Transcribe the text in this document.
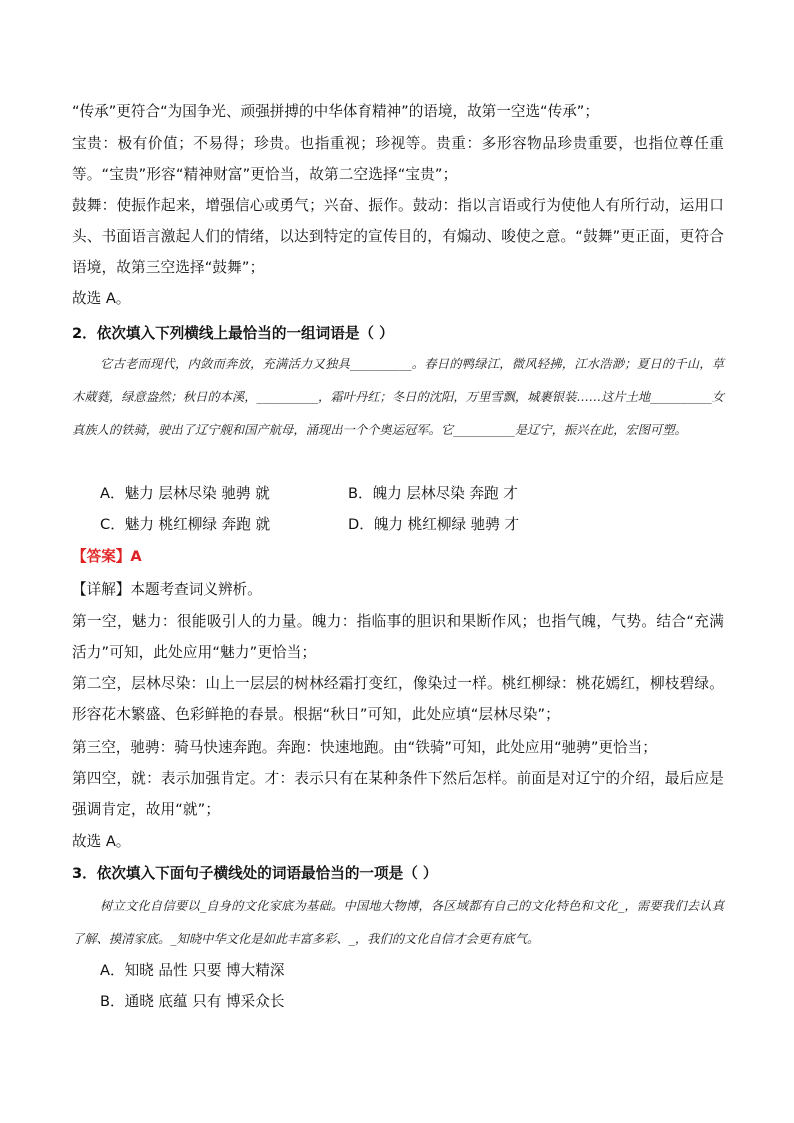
“传承”更符合“为国争光、顽强拼搏的中华体育精神”的语境，故第一空选“传承”；

宝贵：极有价值；不易得；珍贵。也指重视；珍视等。贵重：多形容物品珍贵重要，也指位尊任重等。“宝贵”形容“精神财富”更恰当，故第二空选择“宝贵”；

鼓舞：使振作起来，增强信心或勇气；兴奋、振作。鼓动：指以言语或行为使他人有所行动，运用口头、书面语言激起人们的情绪，以达到特定的宣传目的，有煽动、唆使之意。“鼓舞”更正面，更符合语境，故第三空选择“鼓舞”；

故选 A。

2．依次填入下列横线上最恰当的一组词语是（ ）

它古老而现代，内敛而奔放，充满活力又独具__________。春日的鸭绿江，微风轻拂，江水浩渺；夏日的千山，草木葳蕤，绿意盎然；秋日的本溪，__________，霜叶丹红；冬日的沈阳，万里雪飘，城裹银装……这片土地__________女真族人的铁骑，驶出了辽宁舰和国产航母，涌现出一个个奥运冠军。它__________是辽宁，振兴在此，宏图可塑。

A．魅力 层林尽染 驰骋 就	B．魄力 层林尽染 奔跑 才
C．魅力 桃红柳绿 奔跑 就	D．魄力 桃红柳绿 驰骋 才

【答案】A

【详解】本题考查词义辨析。

第一空，魅力：很能吸引人的力量。魄力：指临事的胆识和果断作风；也指气魄，气势。结合“充满活力”可知，此处应用“魅力”更恰当；

第二空，层林尽染：山上一层层的树林经霜打变红，像染过一样。桃红柳绿：桃花嫣红，柳枝碧绿。形容花木繁盛、色彩鲜艳的春景。根据“秋日”可知，此处应填“层林尽染”；

第三空，驰骋：骑马快速奔跑。奔跑：快速地跑。由“铁骑”可知，此处应用“驰骋”更恰当；

第四空，就：表示加强肯定。才：表示只有在某种条件下然后怎样。前面是对辽宁的介绍，最后应是强调肯定，故用“就”；

故选 A。

3．依次填入下面句子横线处的词语最恰当的一项是（ ）

树立文化自信要以_自身的文化家底为基础。中国地大物博，各区域都有自己的文化特色和文化_，需要我们去认真了解、摸清家底。_知晓中华文化是如此丰富多彩、_，我们的文化自信才会更有底气。

A．知晓 品性 只要 博大精深
B．通晓 底蕴 只有 博采众长
